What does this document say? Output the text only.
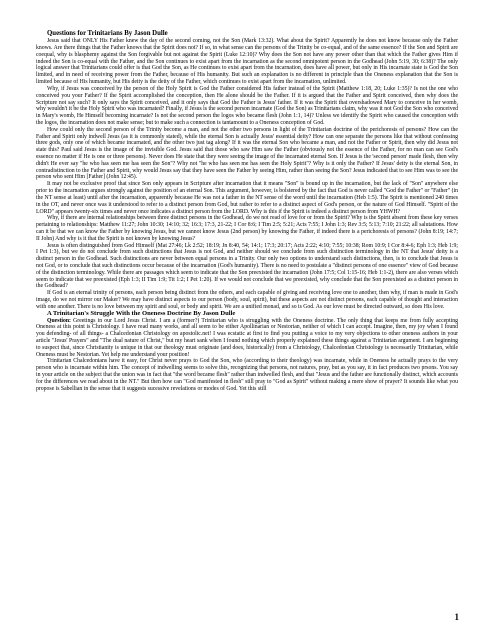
Questions for Trinitarians By Jason Dulle

Jesus said that ONLY His Father knew the day of the second coming, not the Son (Mark 13:32). What about the Spirit? Apparently he does not know because only the Father knows. Are there things that the Father knows that the Spirit does not? If so, in what sense can the persons of the Trinity be co-equal, and of the same essence? If the Son and Spirit are coequal, why is blasphemy against the Son forgivable but not against the Spirit (Luke 12:10)? Why does the Son not have any power other than that which the Father gives Him if indeed the Son is co-equal with the Father, and the Son continues to exist apart from the incarnation as the second omnipotent person in the Godhead (John 5:19, 30; 6:38)? The only logical answer that Trinitarians could offer is that God the Son, as He continues to exist apart from the incarnation, does have all power, but only in His incarnate state is God the Son limited, and in need of receiving power from the Father, because of His humanity. But such an explanation is no different in principle than the Oneness explanation that the Son is limited because of His humanity, but His deity is the deity of the Father, which continues to exist apart from the incarnation, unlimited.

Why, if Jesus was conceived by the person of the Holy Spirit is God the Father considered His father instead of the Spirit (Matthew 1:18, 20; Luke 1:35)? Is not the one who conceived you your Father? If the Spirit accomplished the conception, then He alone should be the Father. If it is argued that the Father and Spirit conceived, then why does the Scripture not say such? It only says the Spirit conceived, and it only says that God the Father is Jesus' father. If it was the Spirit that overshadowed Mary to conceive in her womb, why wouldn't it be the Holy Spirit who was incarnated? Finally, if Jesus is the second person incarnate (God the Son) as Trinitarians claim, why was it not God the Son who conceived in Mary's womb, He Himself becoming incarnate? Is not the second person the logos who became flesh (John 1:1, 14)? Unless we identify the Spirit who caused the conception with the logos, the incarnation does not make sense; but to make such a connection is tantamount to a Oneness conception of God.

How could only the second person of the Trinity become a man, and not the other two persons in light of the Trinitarian doctrine of the perichoresis of persons? How can the Father and Spirit only indwell Jesus (as it is commonly stated), while the eternal Son is actually Jesus' essential deity? How can one separate the persons like that without confessing three gods, only one of which became incarnated, and the other two just tag along? If it was the eternal Son who became a man, and not the Father or Spirit, then why did Jesus not state this? Paul said Jesus is the image of the invisible God. Jesus said that those who saw Him saw the Father (obviously not the essence of the Father, for no man can see God's essence no matter if He is one or three persons). Never does He state that they were seeing the image of the incarnated eternal Son. If Jesus is the 'second person' made flesh, then why didn't He ever say "he who has seen me has seen the Son"? Why not "he who has seen me has seen the Holy Spirit"? Why is it only the Father? If Jesus' deity is the eternal Son, in contradistinction to the Father and Spirit, why would Jesus say that they have seen the Father by seeing Him, rather than seeing the Son? Jesus indicated that to see Him was to see the person who sent Him [Father] (John 12:45).

It may not be exclusive proof that since Son only appears in Scripture after incarnation that it means "Son" is bound up in the incarnation, but the lack of "Son" anywhere else prior to the incarnation argues strongly against the position of an eternal Son. This argument, however, is bolstered by the fact that God is never called "God the Father" or "Father" (in the NT sense at least) until after the incarnation, apparently because He was not a father in the NT sense of the word until the incarnation (Heb 1:5). The Spirit is mentioned 240 times in the OT, and never once was it understood to refer to a distinct person from God, but rather to refer to a distinct aspect of God's person, or the nature of God Himself. "Spirit of the LORD" appears twenty-six times and never once indicates a distinct person from the LORD. Why is this if the Spirit is indeed a distinct person from YHWH?

Why, if there are internal relationships between three distinct persons in the Godhead, do we not read of love for or from the Spirit? Why is the Spirit absent from these key verses pertaining to relationships: Matthew 11:27; John 10:30; 14:10; 32; 16:3; 17:3, 21-22; I Cor 8:6; I Tim 2:5; 5:21; Acts 7:55; I John 1:3; Rev 3:5; 5:13; 7:10; 21:22; all salutations. How can it be that we can know the Father by knowing Jesus, but we cannot know Jesus (2nd person) by knowing the Father, if indeed there is a perichoresis of persons? (John 8:19; 14:7; II John) And why is it that the Spirit is not known by knowing Jesus?

Jesus is often distinguished from God Himself (Mat 27:46; Lk 2:52; 18:19; Jn 8:40, 54; 14:1; 17:3; 20:17; Acts 2:22; 4:10; 7:55; 10:38; Rom 10:9; I Cor 8:4-6; Eph 1:3; Heb 1:9; I Pet 1:3), but we do not conclude from such distinctions that Jesus is not God, and neither should we conclude from such distinction terminology in the NT that Jesus' deity is a distinct person in the Godhead. Such distinctions are never between equal persons in a Trinity. Our only two options to understand such distinctions, then, is to conclude that Jesus is not God, or to conclude that such distinctions occur because of the incarnation (God's humanity). There is no need to postulate a "distinct persons of one essence" view of God because of the distinction terminology. While there are passages which seem to indicate that the Son preexisted the incarnation (John 17:5; Col 1:15-16; Heb 1:1-2), there are also verses which seem to indicate that we preexisted (Eph 1:3; II Tim 1:9; Tit 1:2; I Pet 1:20). If we would not conclude that we preexisted, why conclude that the Son preexisted as a distinct person in the Godhead?

If God is an eternal trinity of persons, each person being distinct from the others, and each capable of giving and receiving love one to another, then why, if man is made in God's image, do we not mirror our Maker? We may have distinct aspects to our person (body, soul, spirit), but these aspects are not distinct persons, each capable of thought and interaction with one another. There is no love between my spirit and soul, or body and spirit. We are a unified monad, and so is God. As our love must be directed outward, so does His love.

A Trinitarian's Struggle With the Oneness Doctrine By Jason Dulle

Question: Greetings in our Lord Jesus Christ. I am a (former?) Trinitarian who is struggling with the Oneness doctrine. The only thing that keeps me from fully accepting Oneness at this point is Christology. I have read many works, and all seem to be either Apollinarian or Nestorian, neither of which I can accept. Imagine, then, my joy when I found you defending- of all things- a Chalcedonian Christology on apostolic.net! I was ecstatic at first to find you putting a voice to my very objections to other oneness authors in your article "Jesus' Prayers" and "The dual nature of Christ," but my heart sank when I found nothing which properly explained these things against a Trinitarian argument. I am beginning to suspect that, since Christianity is unique in that our theology must originate (and does, historically) from a Christology, Chalcedonian Christology is necessarily Trinitarian, while Oneness must be Nestorian. Yet help me understand your position!

Trinitarian Chalcedonians have it easy, for Christ never prays to God the Son, who (according to their theology) was incarnate, while in Oneness he actually prays to the very person who is incarnate within him. The concept of indwelling seems to solve this, recognizing that persons, not natures, pray, but as you say, it in fact produces two prsons. You say in your article on the subject that the union was in fact that "the word became flesh" rather than indwelled flesh, and that "Jesus and the father are functionally distinct, which accounts for the differences we read about in the NT." But then how can "God manifested in flesh" still pray to "God as Spirit" without making a mere show of prayer? It sounds like what you propose is Sabellian in the sense that it suggests sucessive revelations or modes of God. Yet this still

1
